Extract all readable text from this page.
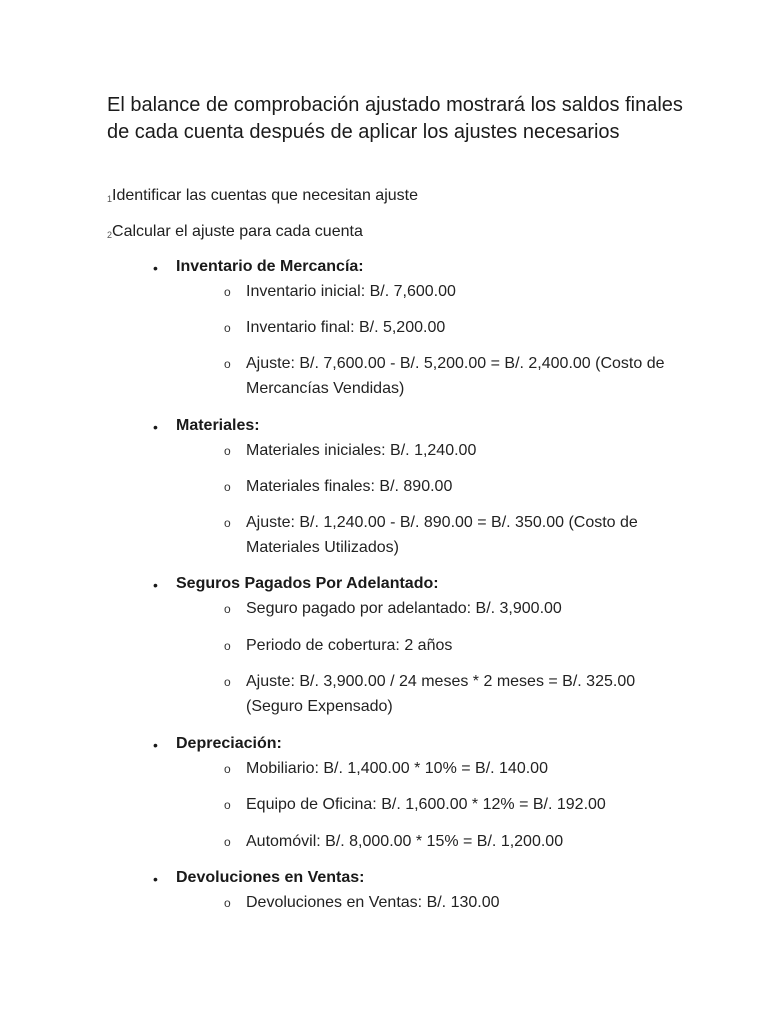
El balance de comprobación ajustado mostrará los saldos finales de cada cuenta después de aplicar los ajustes necesarios
1Identificar las cuentas que necesitan ajuste
2Calcular el ajuste para cada cuenta
• Inventario de Mercancía:
o Inventario inicial: B/. 7,600.00
o Inventario final: B/. 5,200.00
o Ajuste: B/. 7,600.00 - B/. 5,200.00 = B/. 2,400.00 (Costo de Mercancías Vendidas)
• Materiales:
o Materiales iniciales: B/. 1,240.00
o Materiales finales: B/. 890.00
o Ajuste: B/. 1,240.00 - B/. 890.00 = B/. 350.00 (Costo de Materiales Utilizados)
• Seguros Pagados Por Adelantado:
o Seguro pagado por adelantado: B/. 3,900.00
o Periodo de cobertura: 2 años
o Ajuste: B/. 3,900.00 / 24 meses * 2 meses = B/. 325.00 (Seguro Expensado)
• Depreciación:
o Mobiliario: B/. 1,400.00 * 10% = B/. 140.00
o Equipo de Oficina: B/. 1,600.00 * 12% = B/. 192.00
o Automóvil: B/. 8,000.00 * 15% = B/. 1,200.00
• Devoluciones en Ventas:
o Devoluciones en Ventas: B/. 130.00
